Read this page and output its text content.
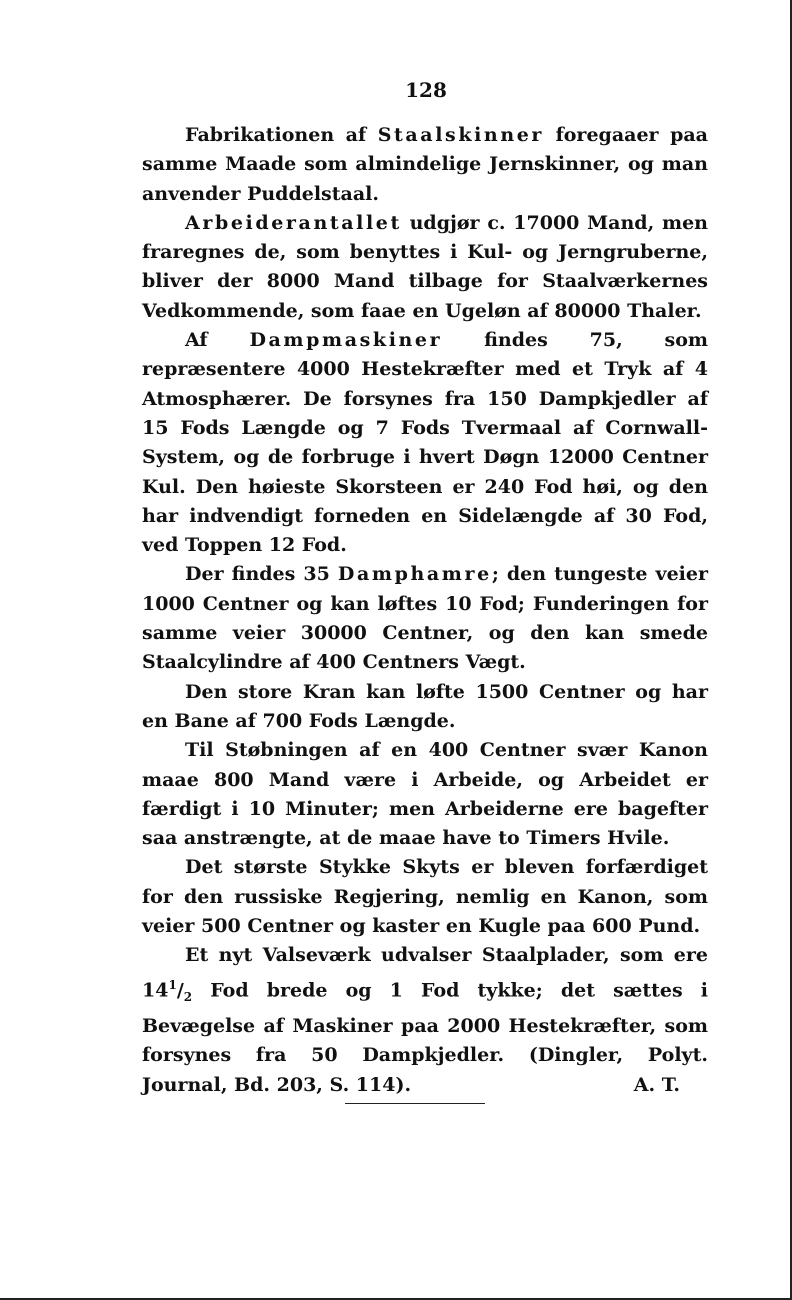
128

Fabrikationen af Staalskinner foregaaer paa samme Maade som almindelige Jernskinner, og man anvender Puddelstaal.

Arbeiderantallet udgjør c. 17000 Mand, men fraregnes de, som benyttes i Kul- og Jerngruberne, bliver der 8000 Mand tilbage for Staalværkernes Vedkommende, som faae en Ugeløn af 80000 Thaler.

Af Dampmaskiner findes 75, som repræsentere 4000 Hestekræfter med et Tryk af 4 Atmosphærer. De forsynes fra 150 Dampkjedler af 15 Fods Længde og 7 Fods Tvermaal af Cornwall-System, og de forbruge i hvert Døgn 12000 Centner Kul. Den høieste Skorsteen er 240 Fod høi, og den har indvendigt forneden en Sidelængde af 30 Fod, ved Toppen 12 Fod.

Der findes 35 Damphamre; den tungeste veier 1000 Centner og kan løftes 10 Fod; Funderingen for samme veier 30000 Centner, og den kan smede Staalcylindre af 400 Centners Vægt.

Den store Kran kan løfte 1500 Centner og har en Bane af 700 Fods Længde.

Til Støbningen af en 400 Centner svær Kanon maae 800 Mand være i Arbeide, og Arbeidet er færdigt i 10 Minuter; men Arbeiderne ere bagefter saa anstrængte, at de maae have to Timers Hvile.

Det største Stykke Skyts er bleven forfærdiget for den russiske Regjering, nemlig en Kanon, som veier 500 Centner og kaster en Kugle paa 600 Pund.

Et nyt Valseværk udvalser Staalplader, som ere $14^1/_2$ Fod brede og 1 Fod tykke; det sættes i Bevægelse af Maskiner paa 2000 Hestekræfter, som forsynes fra 50 Dampkjedler. (Dingler, Polyt. Journal, Bd. 203, S. 114).	A. T.
